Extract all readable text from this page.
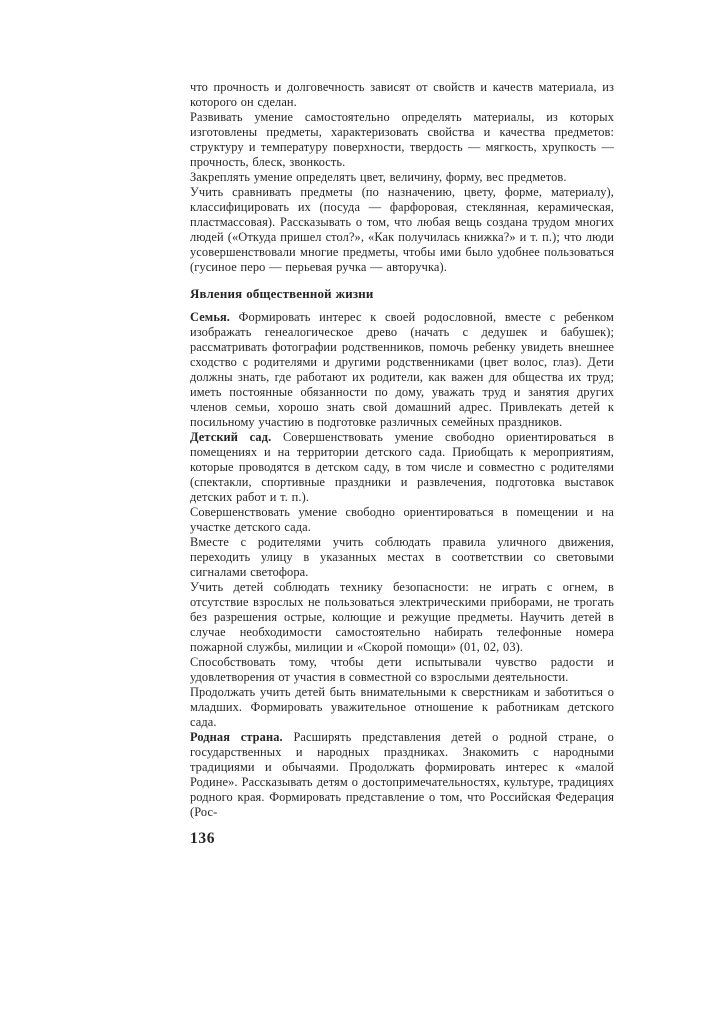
что прочность и долговечность зависят от свойств и качеств материала, из которого он сделан.

Развивать умение самостоятельно определять материалы, из которых изготовлены предметы, характеризовать свойства и качества предметов: структуру и температуру поверхности, твердость — мягкость, хрупкость — прочность, блеск, звонкость.

Закреплять умение определять цвет, величину, форму, вес предметов.

Учить сравнивать предметы (по назначению, цвету, форме, материалу), классифицировать их (посуда — фарфоровая, стеклянная, керамическая, пластмассовая). Рассказывать о том, что любая вещь создана трудом многих людей («Откуда пришел стол?», «Как получилась книжка?» и т. п.); что люди усовершенствовали многие предметы, чтобы ими было удобнее пользоваться (гусиное перо — перьевая ручка — авторучка).

Явления общественной жизни

Семья. Формировать интерес к своей родословной, вместе с ребенком изображать генеалогическое древо (начать с дедушек и бабушек); рассматривать фотографии родственников, помочь ребенку увидеть внешнее сходство с родителями и другими родственниками (цвет волос, глаз). Дети должны знать, где работают их родители, как важен для общества их труд; иметь постоянные обязанности по дому, уважать труд и занятия других членов семьи, хорошо знать свой домашний адрес. Привлекать детей к посильному участию в подготовке различных семейных праздников.

Детский сад. Совершенствовать умение свободно ориентироваться в помещениях и на территории детского сада. Приобщать к мероприятиям, которые проводятся в детском саду, в том числе и совместно с родителями (спектакли, спортивные праздники и развлечения, подготовка выставок детских работ и т. п.).

Совершенствовать умение свободно ориентироваться в помещении и на участке детского сада.

Вместе с родителями учить соблюдать правила уличного движения, переходить улицу в указанных местах в соответствии со световыми сигналами светофора.

Учить детей соблюдать технику безопасности: не играть с огнем, в отсутствие взрослых не пользоваться электрическими приборами, не трогать без разрешения острые, колющие и режущие предметы. Научить детей в случае необходимости самостоятельно набирать телефонные номера пожарной службы, милиции и «Скорой помощи» (01, 02, 03).

Способствовать тому, чтобы дети испытывали чувство радости и удовлетворения от участия в совместной со взрослыми деятельности.

Продолжать учить детей быть внимательными к сверстникам и заботиться о младших. Формировать уважительное отношение к работникам детского сада.

Родная страна. Расширять представления детей о родной стране, о государственных и народных праздниках. Знакомить с народными традициями и обычаями. Продолжать формировать интерес к «малой Родине». Рассказывать детям о достопримечательностях, культуре, традициях родного края. Формировать представление о том, что Российская Федерация (Рос-

136
